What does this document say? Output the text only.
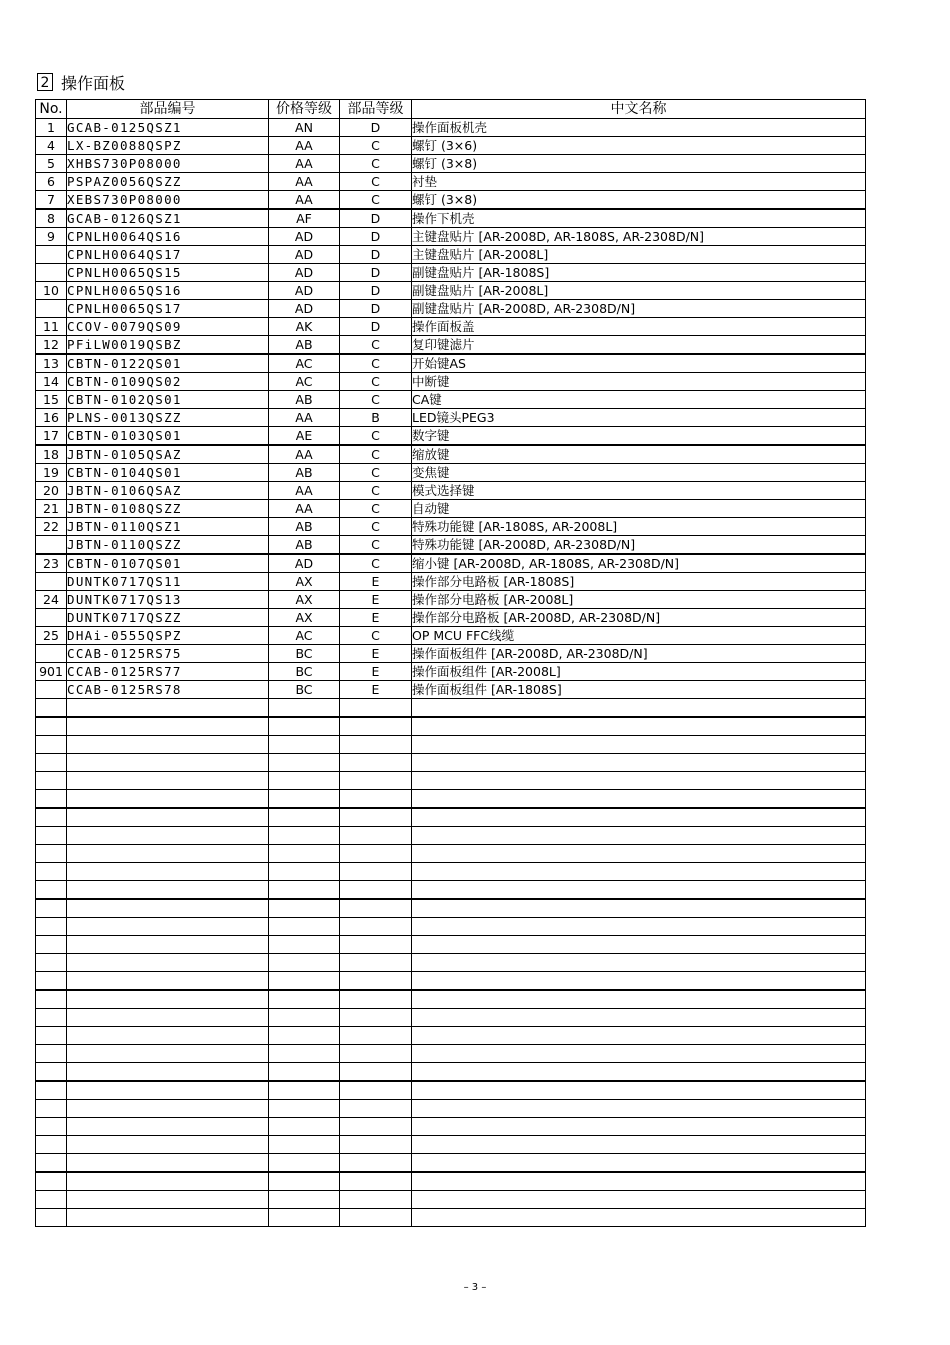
2 操作面板
No.	部品编号	价格等级	部品等级	中文名称
1	GCAB-0125QSZ1	AN	D	操作面板机壳
4	LX-BZ0088QSPZ	AA	C	螺钉 (3×6)
5	XHBS730P08000	AA	C	螺钉 (3×8)
6	PSPAZ0056QSZZ	AA	C	衬垫
7	XEBS730P08000	AA	C	螺钉 (3×8)
8	GCAB-0126QSZ1	AF	D	操作下机壳
9	CPNLH0064QS16	AD	D	主键盘贴片 [AR-2008D, AR-1808S, AR-2308D/N]
	CPNLH0064QS17	AD	D	主键盘贴片 [AR-2008L]
	CPNLH0065QS15	AD	D	副键盘贴片 [AR-1808S]
10	CPNLH0065QS16	AD	D	副键盘贴片 [AR-2008L]
	CPNLH0065QS17	AD	D	副键盘贴片 [AR-2008D, AR-2308D/N]
11	CCOV-0079QS09	AK	D	操作面板盖
12	PFiLW0019QSBZ	AB	C	复印键滤片
13	CBTN-0122QS01	AC	C	开始键AS
14	CBTN-0109QS02	AC	C	中断键
15	CBTN-0102QS01	AB	C	CA键
16	PLNS-0013QSZZ	AA	B	LED镜头PEG3
17	CBTN-0103QS01	AE	C	数字键
18	JBTN-0105QSAZ	AA	C	缩放键
19	CBTN-0104QS01	AB	C	变焦键
20	JBTN-0106QSAZ	AA	C	模式选择键
21	JBTN-0108QSZZ	AA	C	自动键
22	JBTN-0110QSZ1	AB	C	特殊功能键 [AR-1808S, AR-2008L]
	JBTN-0110QSZZ	AB	C	特殊功能键 [AR-2008D, AR-2308D/N]
23	CBTN-0107QS01	AD	C	缩小键 [AR-2008D, AR-1808S, AR-2308D/N]
	DUNTK0717QS11	AX	E	操作部分电路板 [AR-1808S]
24	DUNTK0717QS13	AX	E	操作部分电路板 [AR-2008L]
	DUNTK0717QSZZ	AX	E	操作部分电路板 [AR-2008D, AR-2308D/N]
25	DHAi-0555QSPZ	AC	C	OP MCU FFC线缆
	CCAB-0125RS75	BC	E	操作面板组件 [AR-2008D, AR-2308D/N]
901	CCAB-0125RS77	BC	E	操作面板组件 [AR-2008L]
	CCAB-0125RS78	BC	E	操作面板组件 [AR-1808S]

– 3 –
